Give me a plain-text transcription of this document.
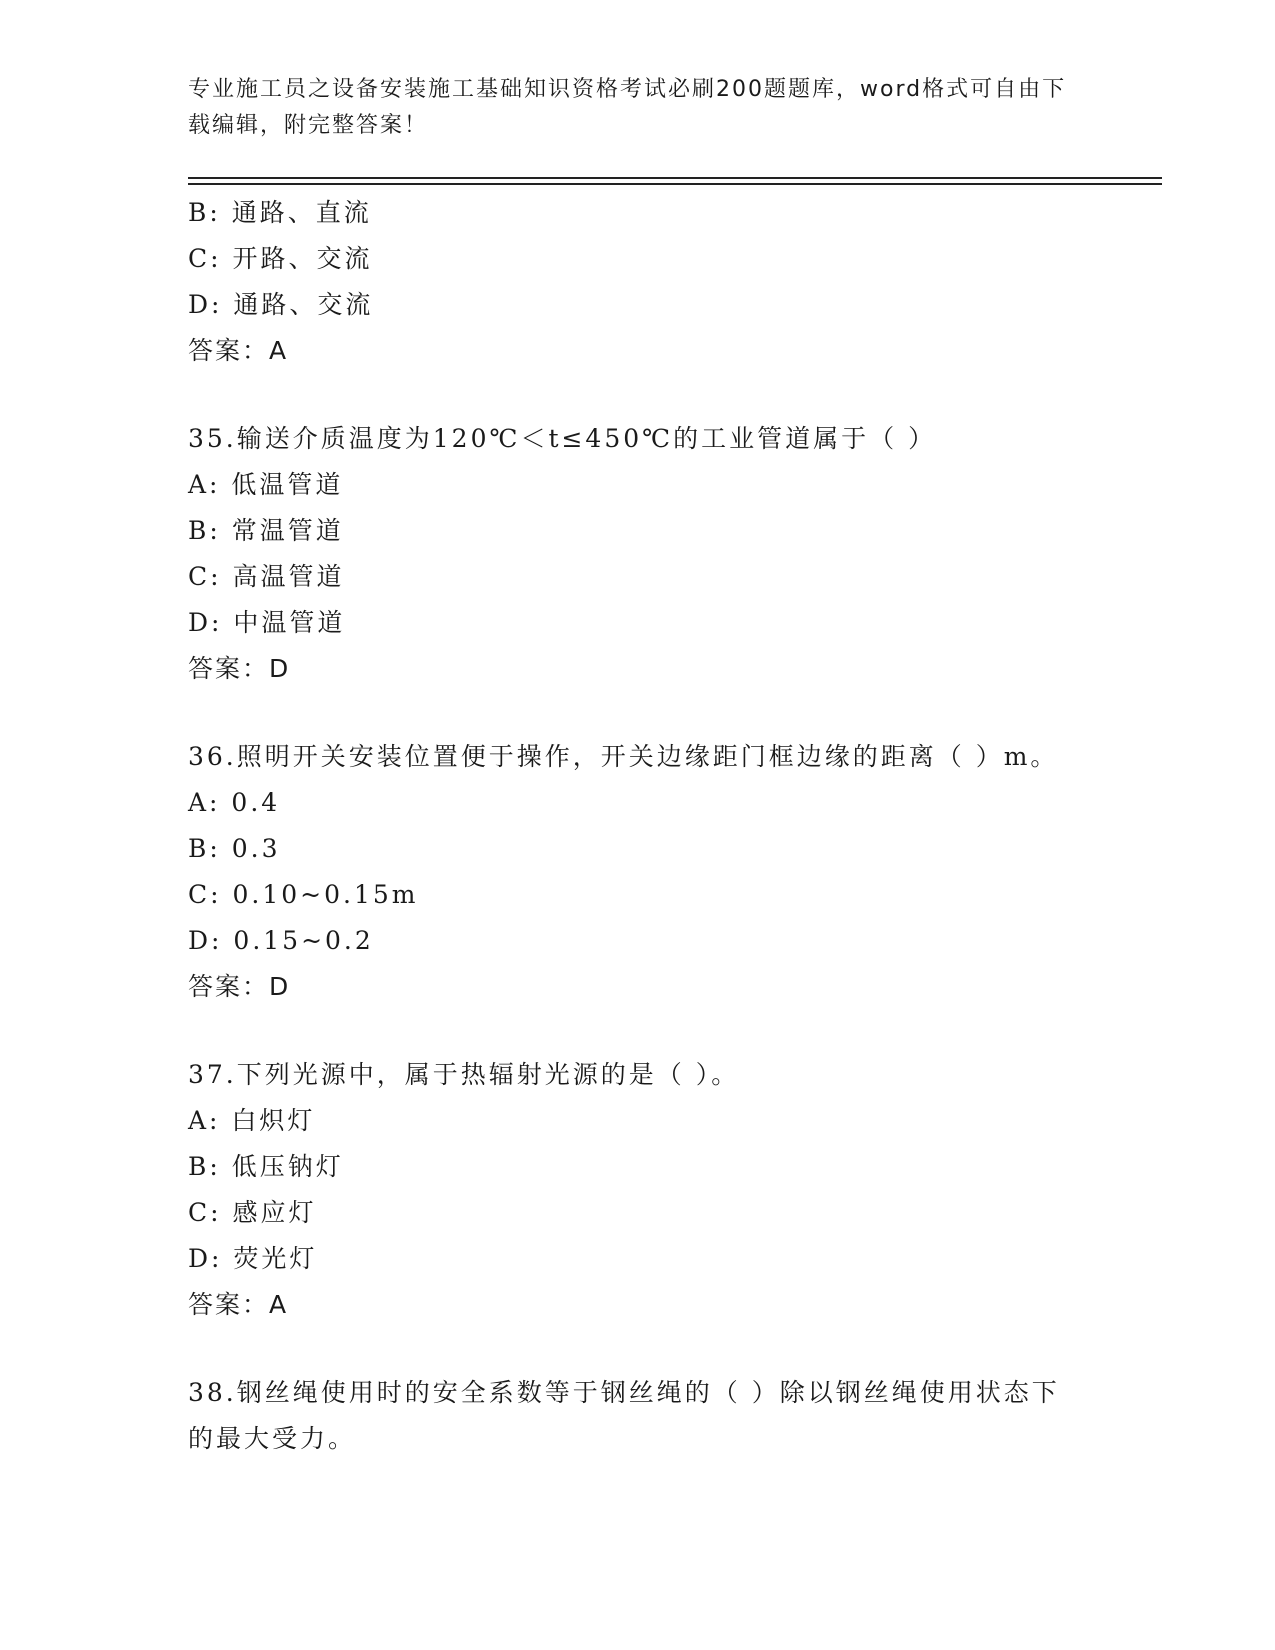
专业施工员之设备安装施工基础知识资格考试必刷200题题库，word格式可自由下载编辑，附完整答案！
B: 通路、直流
C: 开路、交流
D: 通路、交流
答案：A
35.输送介质温度为120℃＜t≤450℃的工业管道属于（ ）
A: 低温管道
B: 常温管道
C: 高温管道
D: 中温管道
答案：D
36.照明开关安装位置便于操作，开关边缘距门框边缘的距离（ ）m。
A: 0.4
B: 0.3
C: 0.10~0.15m
D: 0.15~0.2
答案：D
37.下列光源中，属于热辐射光源的是（ ）。
A: 白炽灯
B: 低压钠灯
C: 感应灯
D: 荧光灯
答案：A
38.钢丝绳使用时的安全系数等于钢丝绳的（ ）除以钢丝绳使用状态下的最大受力。
